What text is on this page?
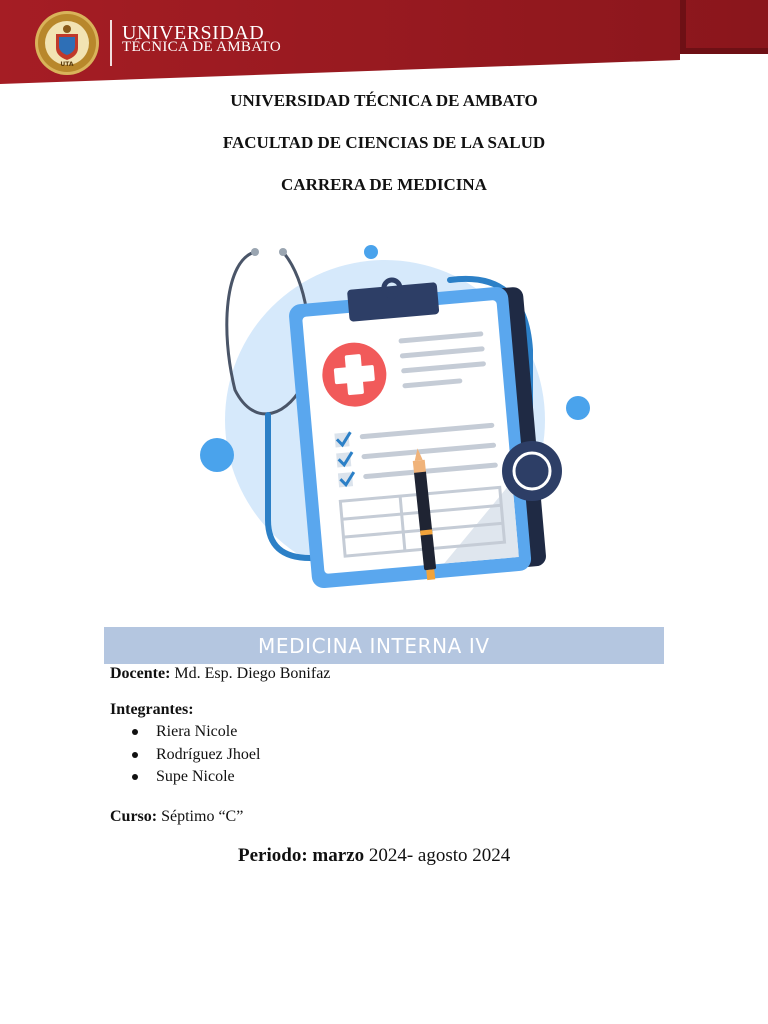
UTA
UNIVERSIDAD
TÉCNICA DE AMBATO
UNIVERSIDAD TÉCNICA DE AMBATO
FACULTAD DE CIENCIAS DE LA SALUD
CARRERA DE MEDICINA
MEDICINA INTERNA IV
Docente: Md. Esp. Diego Bonifaz
Integrantes:
Riera Nicole
Rodríguez Jhoel
Supe Nicole
Curso: Séptimo “C”
Periodo: marzo 2024- agosto 2024
